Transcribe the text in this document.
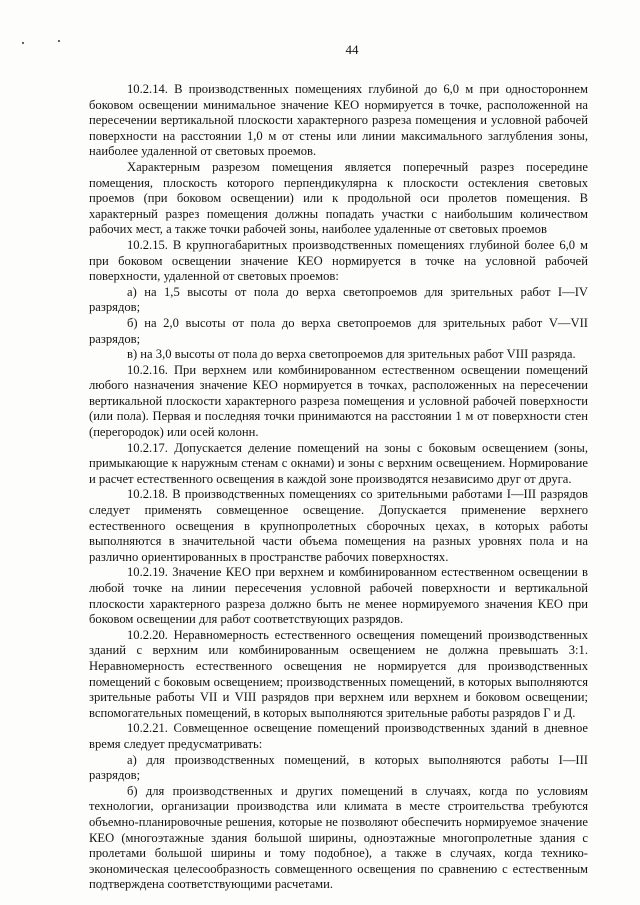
44

10.2.14. В производственных помещениях глубиной до 6,0 м при одностороннем боковом освещении минимальное значение КЕО нормируется в точке, расположенной на пересечении вертикальной плоскости характерного разреза помещения и условной рабочей поверхности на расстоянии 1,0 м от стены или линии максимального заглубления зоны, наиболее удаленной от световых проемов.

Характерным разрезом помещения является поперечный разрез посередине помещения, плоскость которого перпендикулярна к плоскости остекления световых проемов (при боковом освещении) или к продольной оси пролетов помещения. В характерный разрез помещения должны попадать участки с наибольшим количеством рабочих мест, а также точки рабочей зоны, наиболее удаленные от световых проемов

10.2.15. В крупногабаритных производственных помещениях глубиной более 6,0 м при боковом освещении значение КЕО нормируется в точке на условной рабочей поверхности, удаленной от световых проемов:

а) на 1,5 высоты от пола до верха светопроемов для зрительных работ I—IV разрядов;

б) на 2,0 высоты от пола до верха светопроемов для зрительных работ V—VII разрядов;

в) на 3,0 высоты от пола до верха светопроемов для зрительных работ VIII разряда.

10.2.16. При верхнем или комбинированном естественном освещении помещений любого назначения значение КЕО нормируется в точках, расположенных на пересечении вертикальной плоскости характерного разреза помещения и условной рабочей поверхности (или пола). Первая и последняя точки принимаются на расстоянии 1 м от поверхности стен (перегородок) или осей колонн.

10.2.17. Допускается деление помещений на зоны с боковым освещением (зоны, примыкающие к наружным стенам с окнами) и зоны с верхним освещением. Нормирование и расчет естественного освещения в каждой зоне производятся независимо друг от друга.

10.2.18. В производственных помещениях со зрительными работами I—III разрядов следует применять совмещенное освещение. Допускается применение верхнего естественного освещения в крупнопролетных сборочных цехах, в которых работы выполняются в значительной части объема помещения на разных уровнях пола и на различно ориентированных в пространстве рабочих поверхностях.

10.2.19. Значение КЕО при верхнем и комбинированном естественном освещении в любой точке на линии пересечения условной рабочей поверхности и вертикальной плоскости характерного разреза должно быть не менее нормируемого значения КЕО при боковом освещении для работ соответствующих разрядов.

10.2.20. Неравномерность естественного освещения помещений производственных зданий с верхним или комбинированным освещением не должна превышать 3:1. Неравномерность естественного освещения не нормируется для производственных помещений с боковым освещением; производственных помещений, в которых выполняются зрительные работы VII и VIII разрядов при верхнем или верхнем и боковом освещении; вспомогательных помещений, в которых выполняются зрительные работы разрядов Г и Д.

10.2.21. Совмещенное освещение помещений производственных зданий в дневное время следует предусматривать:

а) для производственных помещений, в которых выполняются работы I—III разрядов;

б) для производственных и других помещений в случаях, когда по условиям технологии, организации производства или климата в месте строительства требуются объемно-планировочные решения, которые не позволяют обеспечить нормируемое значение КЕО (многоэтажные здания большой ширины, одноэтажные многопролетные здания с пролетами большой ширины и тому подобное), а также в случаях, когда технико-экономическая целесообразность совмещенного освещения по сравнению с естественным подтверждена соответствующими расчетами.
